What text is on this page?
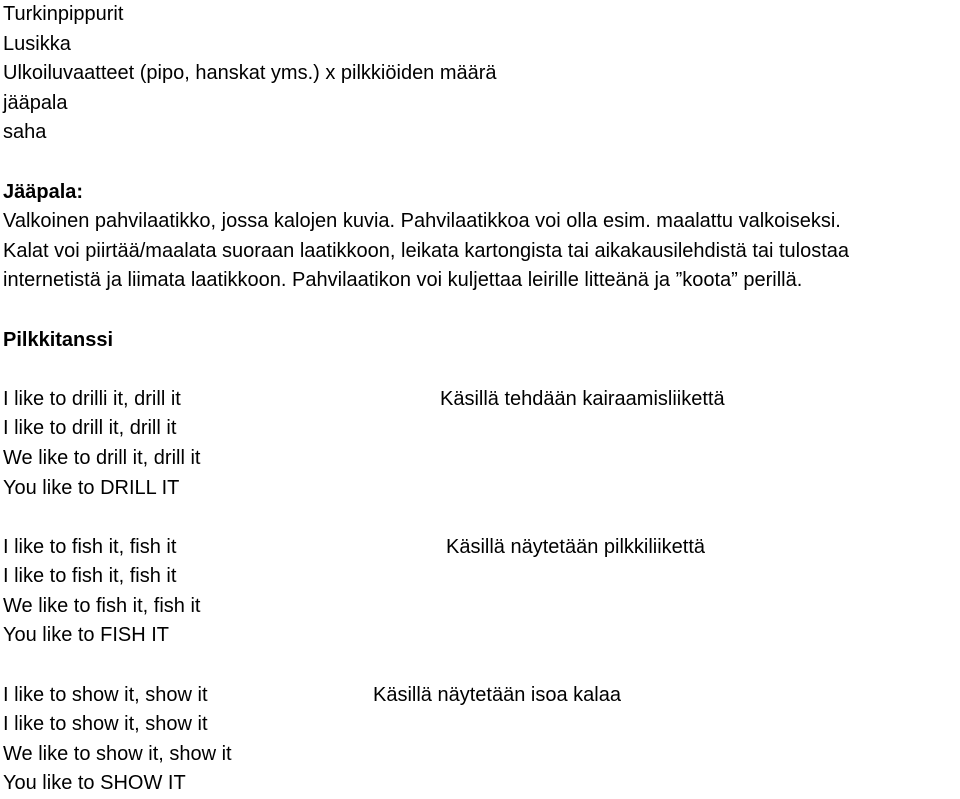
Turkinpippurit
Lusikka
Ulkoiluvaatteet (pipo, hanskat yms.) x pilkkiöiden määrä
jääpala
saha
Jääpala:
Valkoinen pahvilaatikko, jossa kalojen kuvia. Pahvilaatikkoa voi olla esim. maalattu valkoiseksi.
Kalat voi piirtää/maalata suoraan laatikkoon, leikata kartongista tai aikakausilehdistä tai tulostaa
internetistä ja liimata laatikkoon. Pahvilaatikon voi kuljettaa leirille litteänä ja ”koota” perillä.
Pilkkitanssi
I like to drilli it, drill it	Käsillä tehdään kairaamisliikettä
I like to drill it, drill it
We like to drill it, drill it
You like to DRILL IT
I like to fish it, fish it	Käsillä näytetään pilkkiliikettä
I like to fish it, fish it
We like to fish it, fish it
You like to FISH IT
I like to show it, show it	Käsillä näytetään isoa kalaa
I like to show it, show it
We like to show it, show it
You like to SHOW IT
